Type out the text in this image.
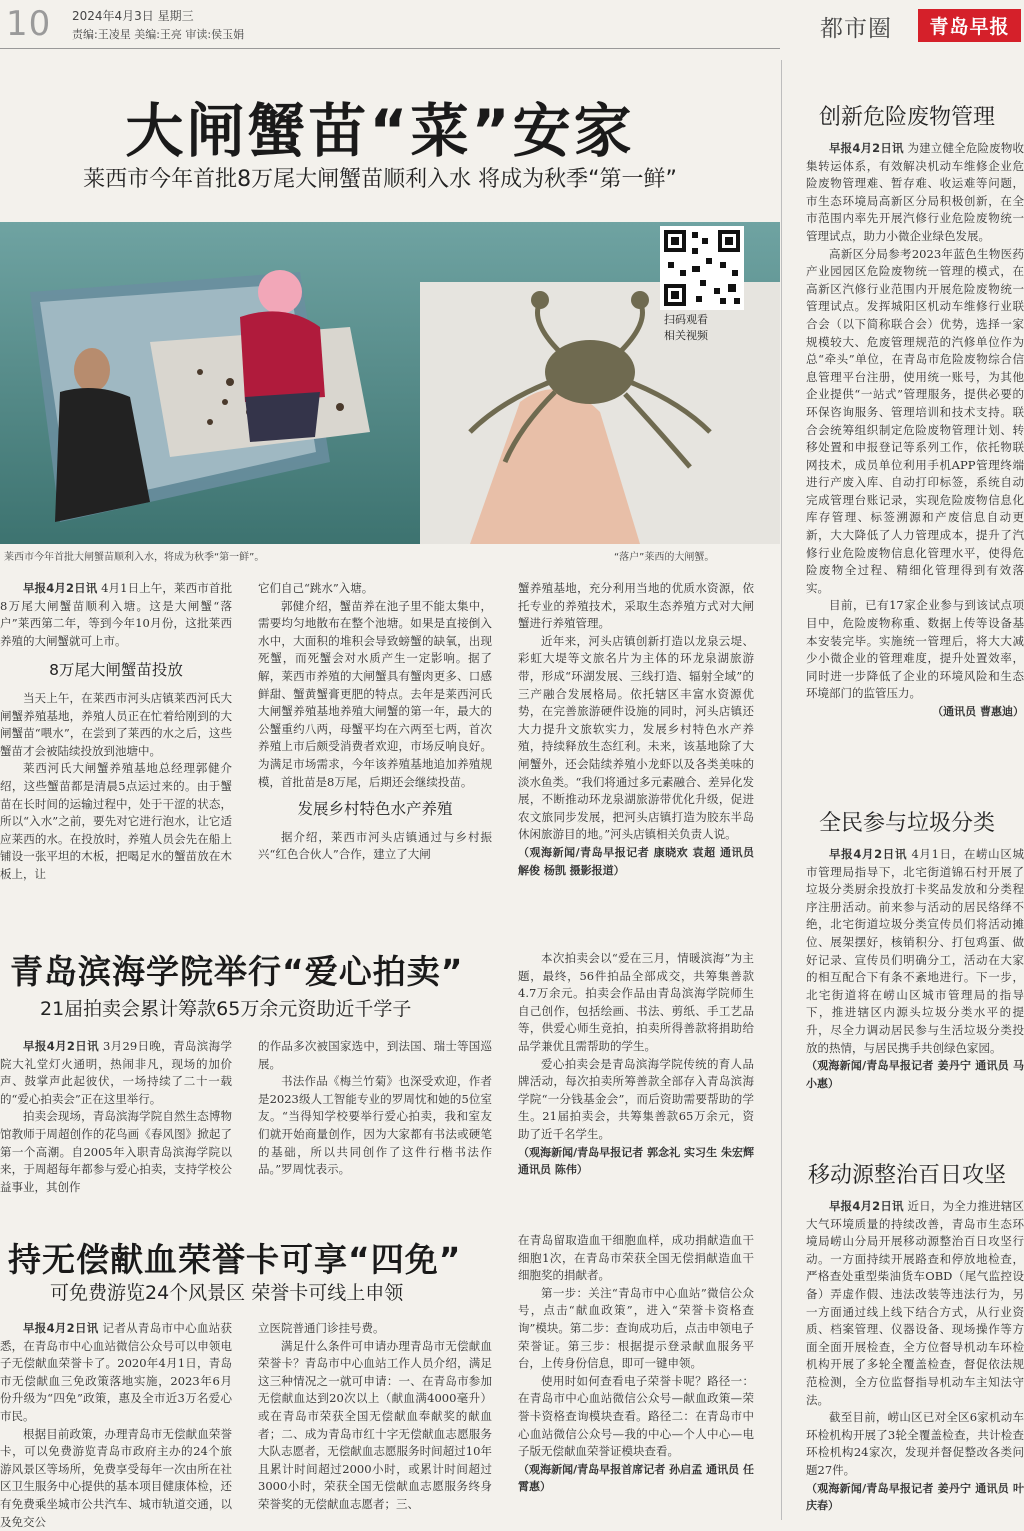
10 2024年4月3日 星期三
责编:王凌星 美编:王亮 审读:侯玉娟	都市圈 青岛早报
大闸蟹苗“菜”安家
莱西市今年首批8万尾大闸蟹苗顺利入水 将成为秋季“第一鲜”
扫码观看
相关视频
莱西市今年首批大闸蟹苗顺利入水，将成为秋季“第一鲜”。	“落户”莱西的大闸蟹。

早报4月2日讯 4月1日上午，莱西市首批8万尾大闸蟹苗顺利入塘。这是大闸蟹“落户”莱西第二年，等到今年10月份，这批莱西养殖的大闸蟹就可上市。

8万尾大闸蟹苗投放

当天上午，在莱西市河头店镇莱西河氏大闸蟹养殖基地，养殖人员正在忙着给刚到的大闸蟹苗“喂水”，在尝到了莱西的水之后，这些蟹苗才会被陆续投放到池塘中。

莱西河氏大闸蟹养殖基地总经理郭健介绍，这些蟹苗都是清晨5点运过来的。由于蟹苗在长时间的运输过程中，处于干涩的状态，所以“入水”之前，要先对它进行泡水，让它适应莱西的水。在投放时，养殖人员会先在船上铺设一张平坦的木板，把喝足水的蟹苗放在木板上，让

它们自己“跳水”入塘。

郭健介绍，蟹苗养在池子里不能太集中，需要均匀地散布在整个池塘。如果是直接倒入水中，大面积的堆积会导致螃蟹的缺氧，出现死蟹，而死蟹会对水质产生一定影响。据了解，莱西市养殖的大闸蟹具有蟹肉更多、口感鲜甜、蟹黄蟹膏更肥的特点。去年是莱西河氏大闸蟹养殖基地养殖大闸蟹的第一年，最大的公蟹重约八两，母蟹平均在六两至七两，首次养殖上市后颇受消费者欢迎，市场反响良好。为满足市场需求，今年该养殖基地追加养殖规模，首批苗是8万尾，后期还会继续投苗。

发展乡村特色水产养殖

据介绍，莱西市河头店镇通过与乡村振兴“红色合伙人”合作，建立了大闸

蟹养殖基地，充分利用当地的优质水资源，依托专业的养殖技术，采取生态养殖方式对大闸蟹进行养殖管理。

近年来，河头店镇创新打造以龙泉云堤、彩虹大堤等文旅名片为主体的环龙泉湖旅游带，形成“环湖发展、三线打造、辐射全域”的三产融合发展格局。依托辖区丰富水资源优势，在完善旅游硬件设施的同时，河头店镇还大力提升文旅软实力，发展乡村特色水产养殖，持续释放生态红利。未来，该基地除了大闸蟹外，还会陆续养殖小龙虾以及各类美味的淡水鱼类。“我们将通过多元素融合、差异化发展，不断推动环龙泉湖旅游带优化升级，促进农文旅同步发展，把河头店镇打造为胶东半岛休闲旅游目的地。”河头店镇相关负责人说。

（观海新闻/青岛早报记者 康晓欢 袁超 通讯员 解俊 杨凯 摄影报道）

青岛滨海学院举行“爱心拍卖”
21届拍卖会累计筹款65万余元资助近千学子

早报4月2日讯 3月29日晚，青岛滨海学院大礼堂灯火通明，热闹非凡，现场的加价声、鼓掌声此起彼伏，一场持续了二十一载的“爱心拍卖会”正在这里举行。

拍卖会现场，青岛滨海学院自然生态博物馆教师于周超创作的花鸟画《春风图》掀起了第一个高潮。自2005年入职青岛滨海学院以来，于周超每年都参与爱心拍卖，支持学校公益事业，其创作

的作品多次被国家选中，到法国、瑞士等国巡展。

书法作品《梅兰竹菊》也深受欢迎，作者是2023级人工智能专业的罗周忱和她的5位室友。“当得知学校要举行爱心拍卖，我和室友们就开始商量创作，因为大家都有书法或硬笔的基础，所以共同创作了这件行楷书法作品。”罗周忱表示。

本次拍卖会以“爱在三月，情暖滨海”为主题，最终，56件拍品全部成交，共筹集善款4.7万余元。拍卖会作品由青岛滨海学院师生自己创作，包括绘画、书法、剪纸、手工艺品等，供爱心师生竞拍，拍卖所得善款将捐助给品学兼优且需帮助的学生。

爱心拍卖会是青岛滨海学院传统的育人品牌活动，每次拍卖所筹善款全部存入青岛滨海学院“一分钱基金会”，而后资助需要帮助的学生。21届拍卖会，共筹集善款65万余元，资助了近千名学生。

（观海新闻/青岛早报记者 郭念礼 实习生 朱宏辉 通讯员 陈伟）

持无偿献血荣誉卡可享“四免”
可免费游览24个风景区 荣誉卡可线上申领

早报4月2日讯 记者从青岛市中心血站获悉，在青岛市中心血站微信公众号可以申领电子无偿献血荣誉卡了。2020年4月1日，青岛市无偿献血三免政策落地实施，2023年6月份升级为“四免”政策，惠及全市近3万名爱心市民。

根据目前政策，办理青岛市无偿献血荣誉卡，可以免费游览青岛市政府主办的24个旅游风景区等场所，免费享受每年一次由所在社区卫生服务中心提供的基本项目健康体检，还有免费乘坐城市公共汽车、城市轨道交通，以及免交公

立医院普通门诊挂号费。

满足什么条件可申请办理青岛市无偿献血荣誉卡？青岛市中心血站工作人员介绍，满足这三种情况之一就可申请：一、在青岛市参加无偿献血达到20次以上（献血满4000毫升）或在青岛市荣获全国无偿献血奉献奖的献血者；二、成为青岛市红十字无偿献血志愿服务大队志愿者，无偿献血志愿服务时间超过10年且累计时间超过2000小时，或累计时间超过3000小时，荣获全国无偿献血志愿服务终身荣誉奖的无偿献血志愿者；三、

在青岛留取造血干细胞血样，成功捐献造血干细胞1次，在青岛市荣获全国无偿捐献造血干细胞奖的捐献者。

第一步：关注“青岛市中心血站”微信公众号，点击“献血政策”，进入“荣誉卡资格查询”模块。第二步：查询成功后，点击申领电子荣誉证。第三步：根据提示登录献血服务平台，上传身份信息，即可一键申领。

使用时如何查看电子荣誉卡呢？路径一：在青岛市中心血站微信公众号—献血政策—荣誉卡资格查询模块查看。路径二：在青岛市中心血站微信公众号—我的中心—个人中心—电子版无偿献血荣誉证模块查看。

（观海新闻/青岛早报首席记者 孙启孟 通讯员 任霄惠）

创新危险废物管理

早报4月2日讯 为建立健全危险废物收集转运体系，有效解决机动车维修企业危险废物管理难、暂存难、收运难等问题，市生态环境局高新区分局积极创新，在全市范围内率先开展汽修行业危险废物统一管理试点，助力小微企业绿色发展。

高新区分局参考2023年蓝色生物医药产业园园区危险废物统一管理的模式，在高新区汽修行业范围内开展危险废物统一管理试点。发挥城阳区机动车维修行业联合会（以下简称联合会）优势，选择一家规模较大、危废管理规范的汽修单位作为总“牵头”单位，在青岛市危险废物综合信息管理平台注册，使用统一账号，为其他企业提供“一站式”管理服务，提供必要的环保咨询服务、管理培训和技术支持。联合会统筹组织制定危险废物管理计划、转移处置和申报登记等系列工作，依托物联网技术，成员单位利用手机APP管理终端进行产废入库、自动打印标签，系统自动完成管理台账记录，实现危险废物信息化库存管理、标签溯源和产废信息自动更新，大大降低了人力管理成本，提升了汽修行业危险废物信息化管理水平，使得危险废物全过程、精细化管理得到有效落实。

目前，已有17家企业参与到该试点项目中，危险废物称重、数据上传等设备基本安装完毕。实施统一管理后，将大大减少小微企业的管理难度，提升处置效率，同时进一步降低了企业的环境风险和生态环境部门的监管压力。

（通讯员 曹惠迪）

全民参与垃圾分类

早报4月2日讯 4月1日，在崂山区城市管理局指导下，北宅街道锦石村开展了垃圾分类厨余投放打卡奖品发放和分类程序注册活动。前来参与活动的居民络绎不绝，北宅街道垃圾分类宣传员们将活动摊位、展架摆好，核销积分、打包鸡蛋、做好记录、宣传员们明确分工，活动在大家的相互配合下有条不紊地进行。下一步，北宅街道将在崂山区城市管理局的指导下，推进辖区内源头垃圾分类水平的提升，尽全力调动居民参与生活垃圾分类投放的热情，与居民携手共创绿色家园。

（观海新闻/青岛早报记者 姜丹宁 通讯员 马小惠）

移动源整治百日攻坚

早报4月2日讯 近日，为全力推进辖区大气环境质量的持续改善，青岛市生态环境局崂山分局开展移动源整治百日攻坚行动。一方面持续开展路查和停放地检查，严格查处重型柴油货车OBD（尾气监控设备）弄虚作假、违法改装等违法行为，另一方面通过线上线下结合方式，从行业资质、档案管理、仪器设备、现场操作等方面全面开展检查，全方位督导机动车环检机构开展了多轮全覆盖检查，督促依法规范检测，全方位监督指导机动车主知法守法。

截至目前，崂山区已对全区6家机动车环检机构开展了3轮全覆盖检查，共计检查环检机构24家次，发现并督促整改各类问题27件。

（观海新闻/青岛早报记者 姜丹宁 通讯员 叶庆春）
